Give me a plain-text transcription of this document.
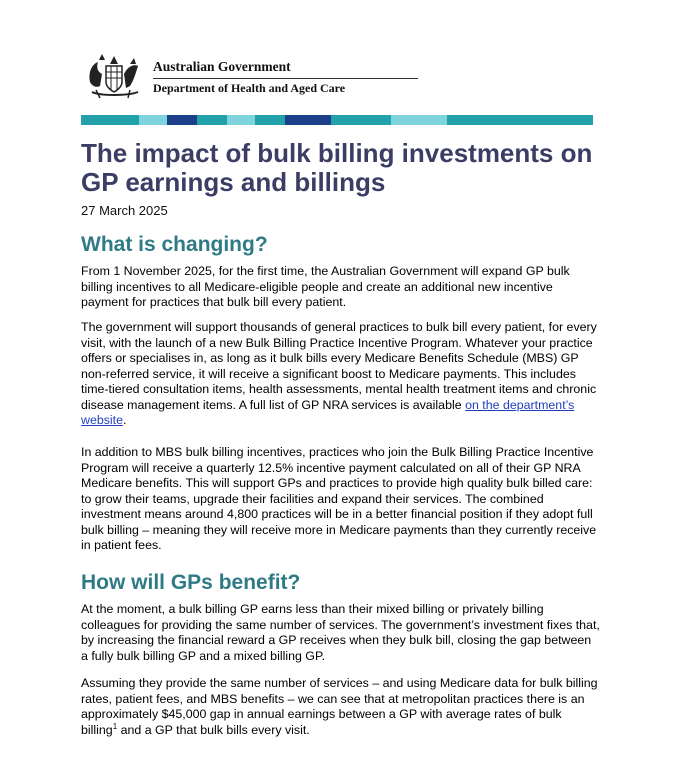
Australian Government
Department of Health and Aged Care
The impact of bulk billing investments on GP earnings and billings
27 March 2025
What is changing?

From 1 November 2025, for the first time, the Australian Government will expand GP bulk billing incentives to all Medicare-eligible people and create an additional new incentive payment for practices that bulk bill every patient.

The government will support thousands of general practices to bulk bill every patient, for every visit, with the launch of a new Bulk Billing Practice Incentive Program. Whatever your practice offers or specialises in, as long as it bulk bills every Medicare Benefits Schedule (MBS) GP non-referred service, it will receive a significant boost to Medicare payments. This includes time-tiered consultation items, health assessments, mental health treatment items and chronic disease management items. A full list of GP NRA services is available on the department’s website.

In addition to MBS bulk billing incentives, practices who join the Bulk Billing Practice Incentive Program will receive a quarterly 12.5% incentive payment calculated on all of their GP NRA Medicare benefits. This will support GPs and practices to provide high quality bulk billed care: to grow their teams, upgrade their facilities and expand their services. The combined investment means around 4,800 practices will be in a better financial position if they adopt full bulk billing – meaning they will receive more in Medicare payments than they currently receive in patient fees.

How will GPs benefit?

At the moment, a bulk billing GP earns less than their mixed billing or privately billing colleagues for providing the same number of services. The government’s investment fixes that, by increasing the financial reward a GP receives when they bulk bill, closing the gap between a fully bulk billing GP and a mixed billing GP.

Assuming they provide the same number of services – and using Medicare data for bulk billing rates, patient fees, and MBS benefits – we can see that at metropolitan practices there is an approximately $45,000 gap in annual earnings between a GP with average rates of bulk billing$^1$ and a GP that bulk bills every visit.
